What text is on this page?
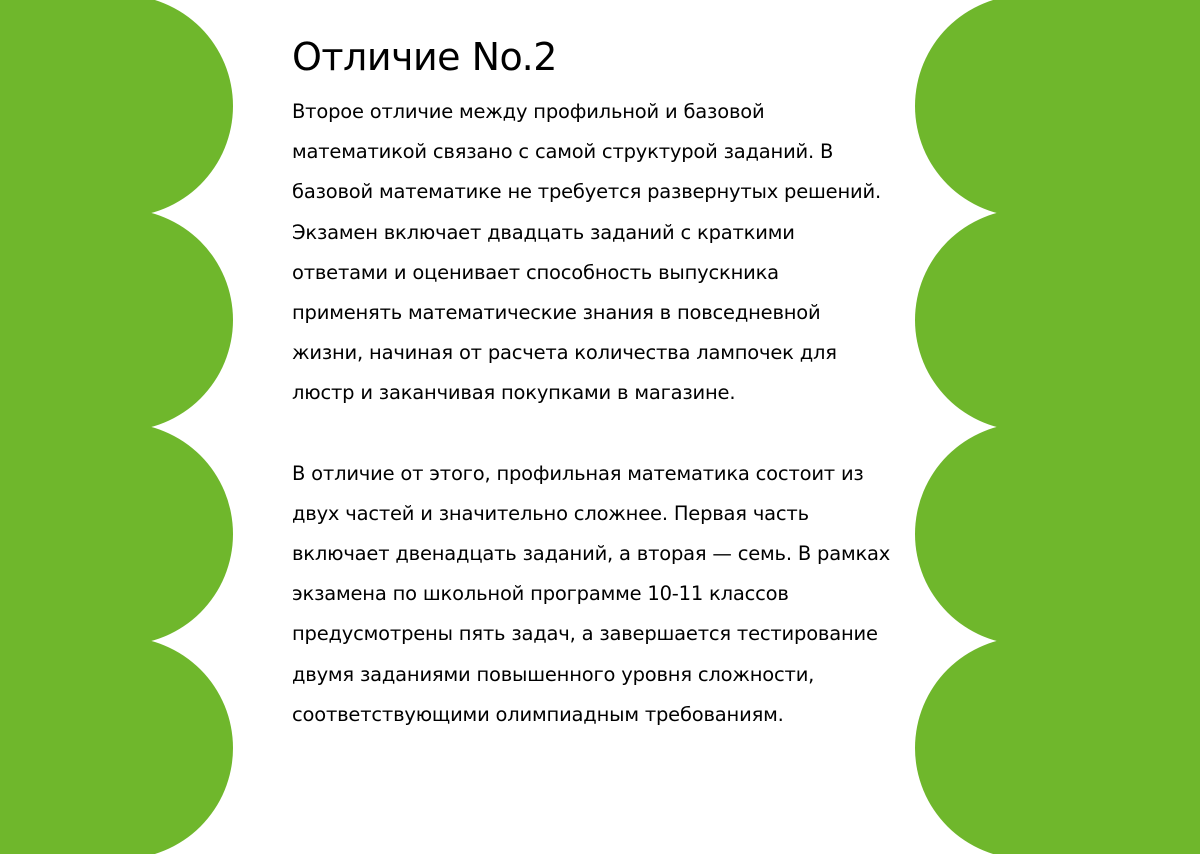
Отличие No.2

Второе отличие между профильной и базовой математикой связано с самой структурой заданий. В базовой математике не требуется развернутых решений. Экзамен включает двадцать заданий с краткими ответами и оценивает способность выпускника применять математические знания в повседневной жизни, начиная от расчета количества лампочек для люстр и заканчивая покупками в магазине.

В отличие от этого, профильная математика состоит из двух частей и значительно сложнее. Первая часть включает двенадцать заданий, а вторая — семь. В рамках экзамена по школьной программе 10-11 классов предусмотрены пять задач, а завершается тестирование двумя заданиями повышенного уровня сложности, соответствующими олимпиадным требованиям.
